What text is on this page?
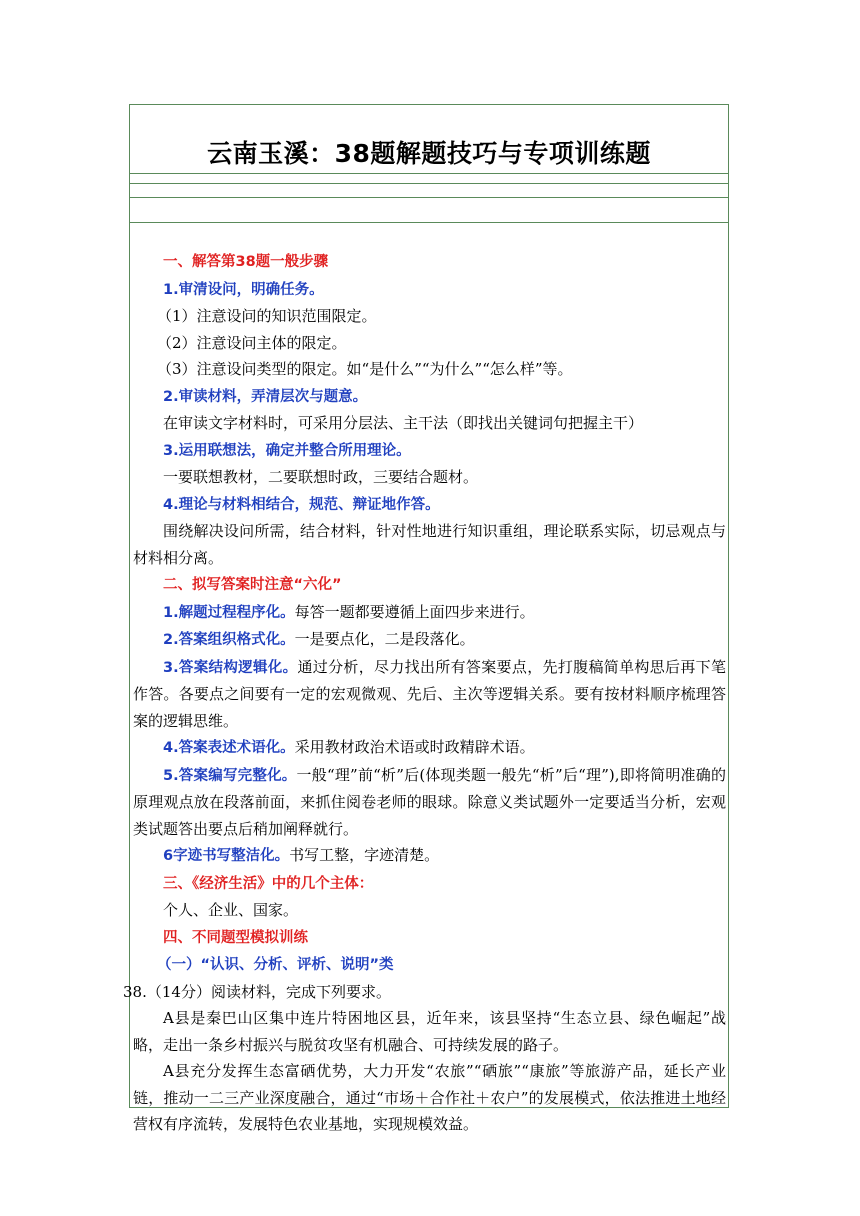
云南玉溪：38题解题技巧与专项训练题

一、解答第38题一般步骤

1.审清设问，明确任务。

（1）注意设问的知识范围限定。

（2）注意设问主体的限定。

（3）注意设问类型的限定。如“是什么”“为什么”“怎么样”等。

2.审读材料，弄清层次与题意。

在审读文字材料时，可采用分层法、主干法（即找出关键词句把握主干）

3.运用联想法，确定并整合所用理论。

一要联想教材，二要联想时政，三要结合题材。

4.理论与材料相结合，规范、辩证地作答。

围绕解决设问所需，结合材料，针对性地进行知识重组，理论联系实际，切忌观点与材料相分离。

二、拟写答案时注意“六化”

1.解题过程程序化。每答一题都要遵循上面四步来进行。

2.答案组织格式化。一是要点化，二是段落化。

3.答案结构逻辑化。通过分析，尽力找出所有答案要点，先打腹稿简单构思后再下笔作答。各要点之间要有一定的宏观微观、先后、主次等逻辑关系。要有按材料顺序梳理答案的逻辑思维。

4.答案表述术语化。采用教材政治术语或时政精辟术语。

5.答案编写完整化。一般“理”前“析”后(体现类题一般先“析”后“理”),即将简明准确的原理观点放在段落前面，来抓住阅卷老师的眼球。除意义类试题外一定要适当分析，宏观类试题答出要点后稍加阐释就行。

6字迹书写整洁化。书写工整，字迹清楚。

三、《经济生活》中的几个主体：

个人、企业、国家。

四、不同题型模拟训练

（一）“认识、分析、评析、说明”类

38.（14分）阅读材料，完成下列要求。

A县是秦巴山区集中连片特困地区县，近年来，该县坚持“生态立县、绿色崛起”战略，走出一条乡村振兴与脱贫攻坚有机融合、可持续发展的路子。

A县充分发挥生态富硒优势，大力开发“农旅”“硒旅”“康旅”等旅游产品，延长产业链，推动一二三产业深度融合，通过“市场＋合作社＋农户”的发展模式，依法推进土地经营权有序流转，发展特色农业基地，实现规模效益。
